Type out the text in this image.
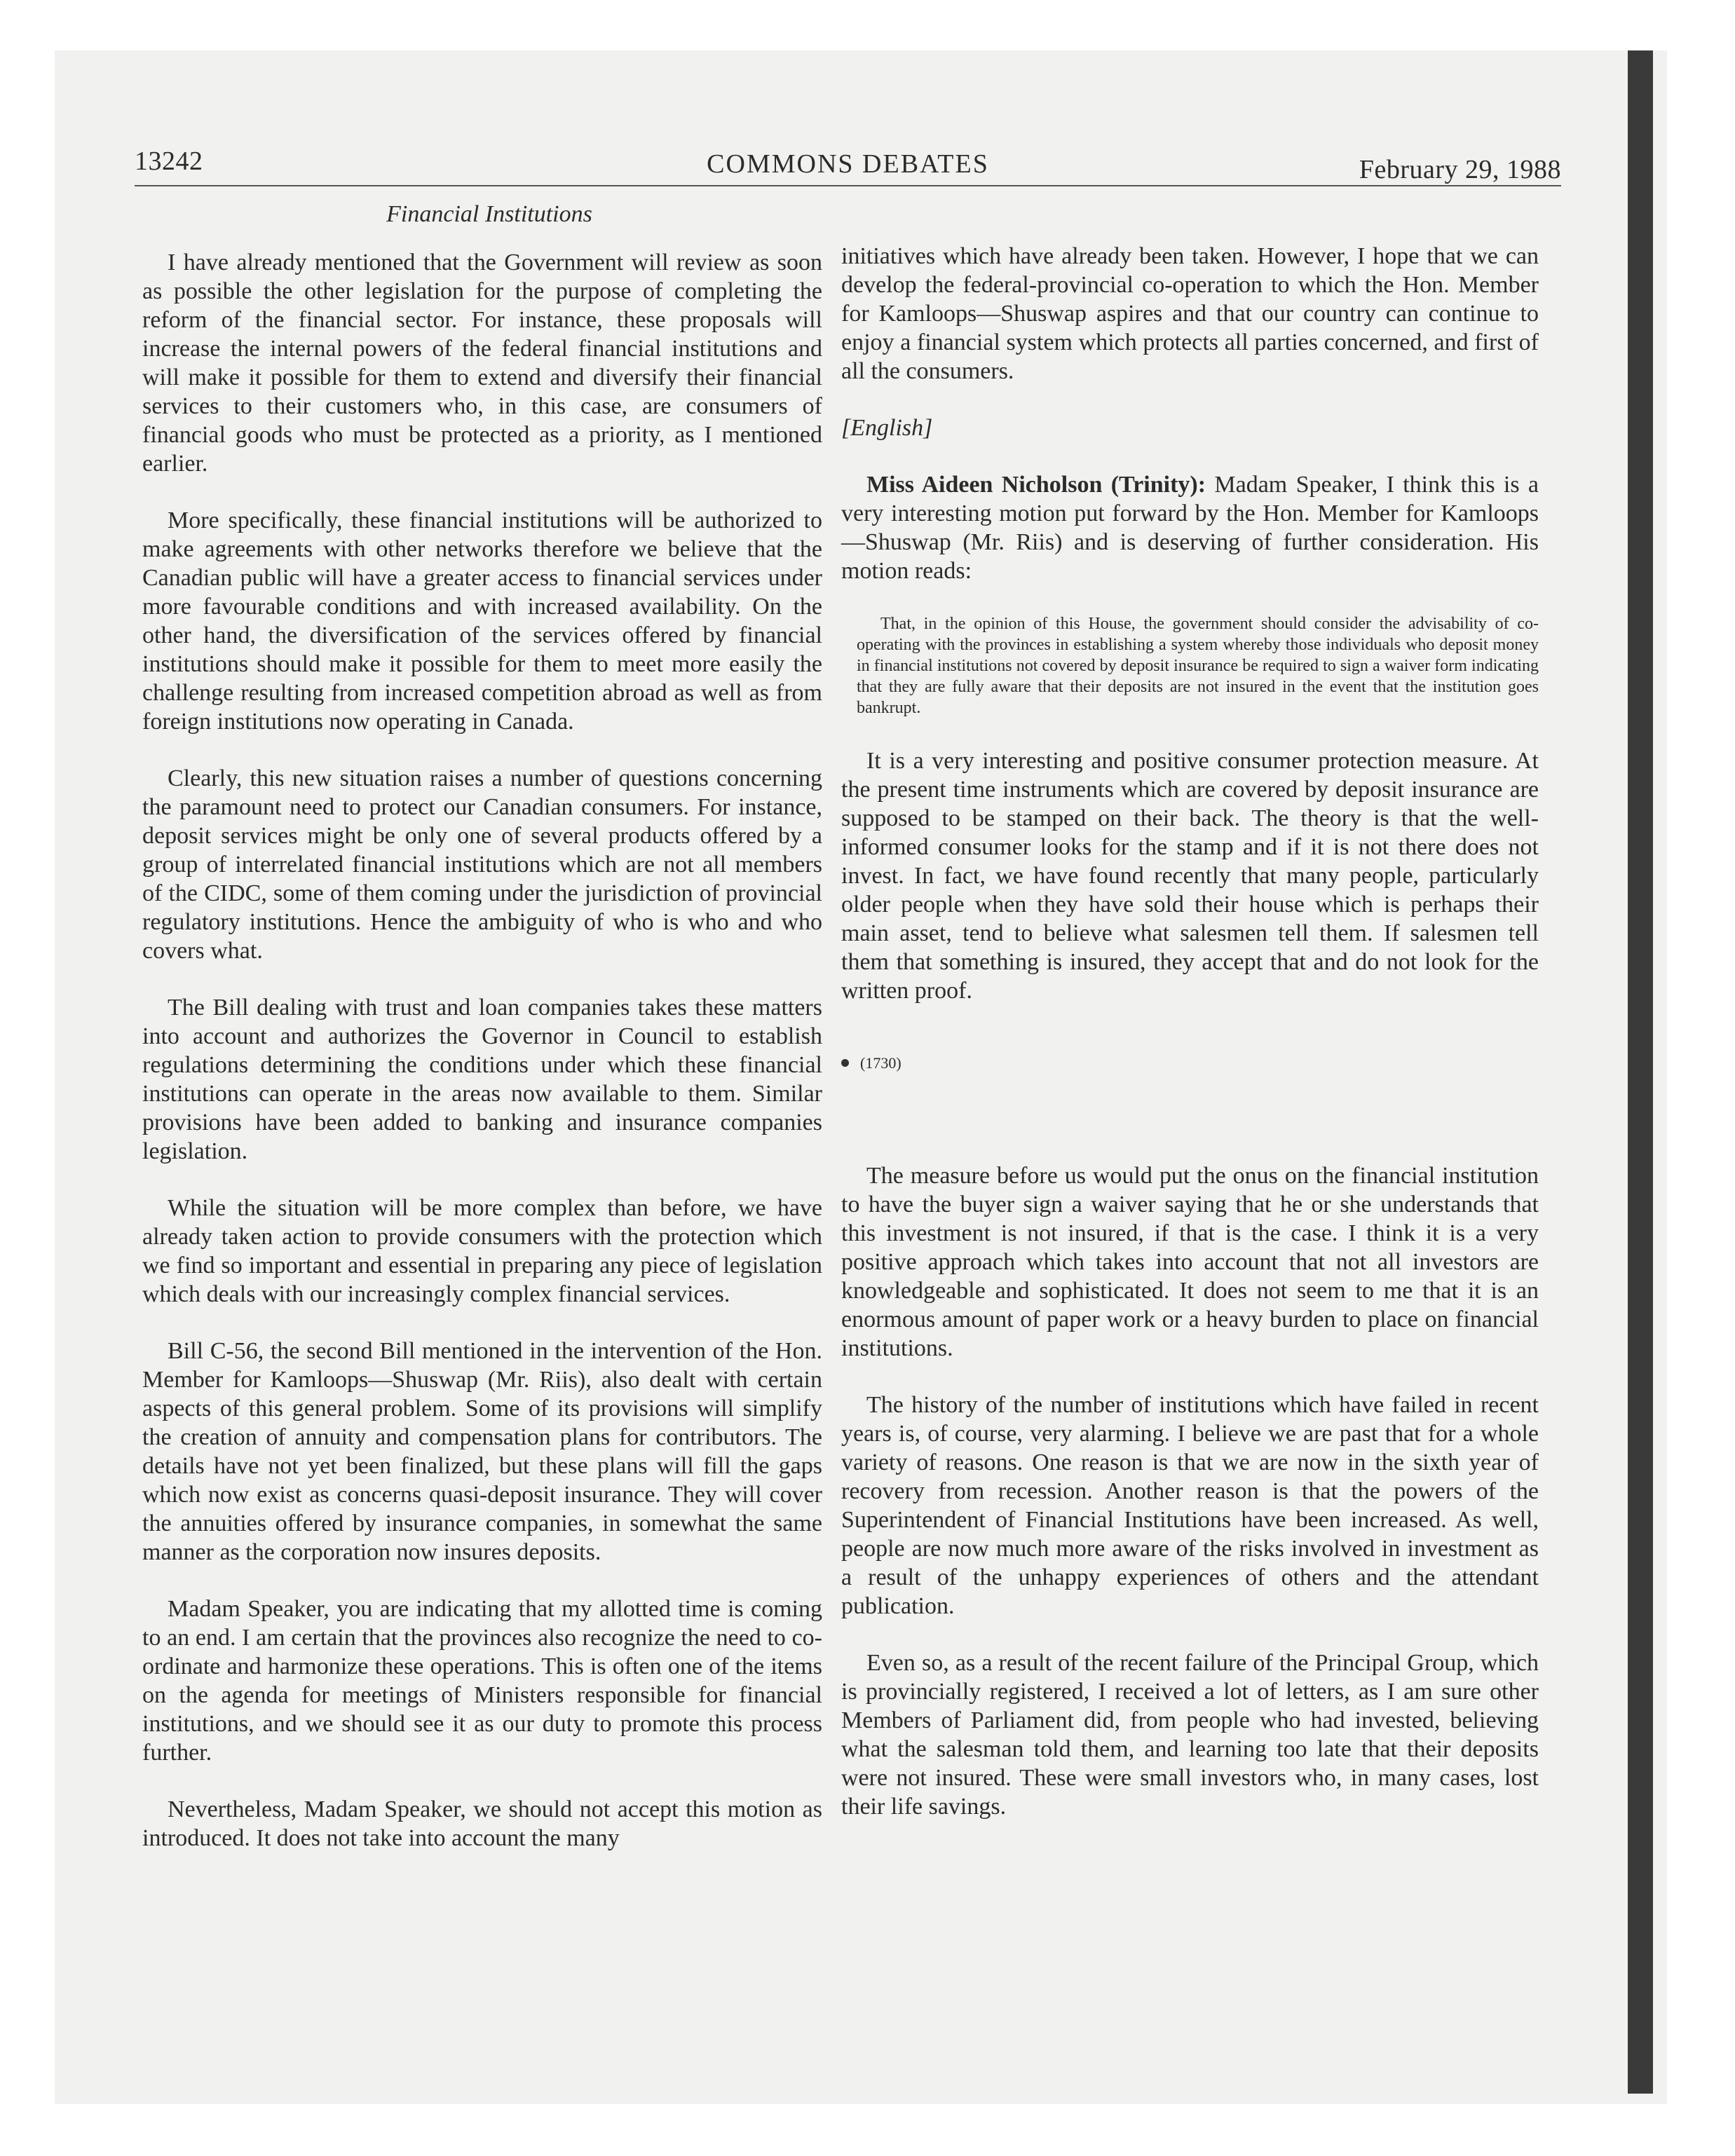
13242	COMMONS DEBATES	February 29, 1988
Financial Institutions

I have already mentioned that the Government will review as soon as possible the other legislation for the purpose of completing the reform of the financial sector. For instance, these proposals will increase the internal powers of the federal financial institutions and will make it possible for them to extend and diversify their financial services to their customers who, in this case, are consumers of financial goods who must be protected as a priority, as I mentioned earlier.

More specifically, these financial institutions will be authorized to make agreements with other networks therefore we believe that the Canadian public will have a greater access to financial services under more favourable conditions and with increased availability. On the other hand, the diversification of the services offered by financial institutions should make it possible for them to meet more easily the challenge resulting from increased competition abroad as well as from foreign institutions now operating in Canada.

Clearly, this new situation raises a number of questions concerning the paramount need to protect our Canadian consumers. For instance, deposit services might be only one of several products offered by a group of interrelated financial institutions which are not all members of the CIDC, some of them coming under the jurisdiction of provincial regulatory institutions. Hence the ambiguity of who is who and who covers what.

The Bill dealing with trust and loan companies takes these matters into account and authorizes the Governor in Council to establish regulations determining the conditions under which these financial institutions can operate in the areas now available to them. Similar provisions have been added to banking and insurance companies legislation.

While the situation will be more complex than before, we have already taken action to provide consumers with the protection which we find so important and essential in preparing any piece of legislation which deals with our increasingly complex financial services.

Bill C-56, the second Bill mentioned in the intervention of the Hon. Member for Kamloops—Shuswap (Mr. Riis), also dealt with certain aspects of this general problem. Some of its provisions will simplify the creation of annuity and compensation plans for contributors. The details have not yet been finalized, but these plans will fill the gaps which now exist as concerns quasi-deposit insurance. They will cover the annuities offered by insurance companies, in somewhat the same manner as the corporation now insures deposits.

Madam Speaker, you are indicating that my allotted time is coming to an end. I am certain that the provinces also recognize the need to co-ordinate and harmonize these operations. This is often one of the items on the agenda for meetings of Ministers responsible for financial institutions, and we should see it as our duty to promote this process further.

Nevertheless, Madam Speaker, we should not accept this motion as introduced. It does not take into account the many

initiatives which have already been taken. However, I hope that we can develop the federal-provincial co-operation to which the Hon. Member for Kamloops—Shuswap aspires and that our country can continue to enjoy a financial system which protects all parties concerned, and first of all the consumers.

[English]

Miss Aideen Nicholson (Trinity): Madam Speaker, I think this is a very interesting motion put forward by the Hon. Member for Kamloops—Shuswap (Mr. Riis) and is deserving of further consideration. His motion reads:

That, in the opinion of this House, the government should consider the advisability of co-operating with the provinces in establishing a system whereby those individuals who deposit money in financial institutions not covered by deposit insurance be required to sign a waiver form indicating that they are fully aware that their deposits are not insured in the event that the institution goes bankrupt.

It is a very interesting and positive consumer protection measure. At the present time instruments which are covered by deposit insurance are supposed to be stamped on their back. The theory is that the well-informed consumer looks for the stamp and if it is not there does not invest. In fact, we have found recently that many people, particularly older people when they have sold their house which is perhaps their main asset, tend to believe what salesmen tell them. If salesmen tell them that something is insured, they accept that and do not look for the written proof.

(1730)

The measure before us would put the onus on the financial institution to have the buyer sign a waiver saying that he or she understands that this investment is not insured, if that is the case. I think it is a very positive approach which takes into account that not all investors are knowledgeable and sophisticated. It does not seem to me that it is an enormous amount of paper work or a heavy burden to place on financial institutions.

The history of the number of institutions which have failed in recent years is, of course, very alarming. I believe we are past that for a whole variety of reasons. One reason is that we are now in the sixth year of recovery from recession. Another reason is that the powers of the Superintendent of Financial Institutions have been increased. As well, people are now much more aware of the risks involved in investment as a result of the unhappy experiences of others and the attendant publication.

Even so, as a result of the recent failure of the Principal Group, which is provincially registered, I received a lot of letters, as I am sure other Members of Parliament did, from people who had invested, believing what the salesman told them, and learning too late that their deposits were not insured. These were small investors who, in many cases, lost their life savings.
